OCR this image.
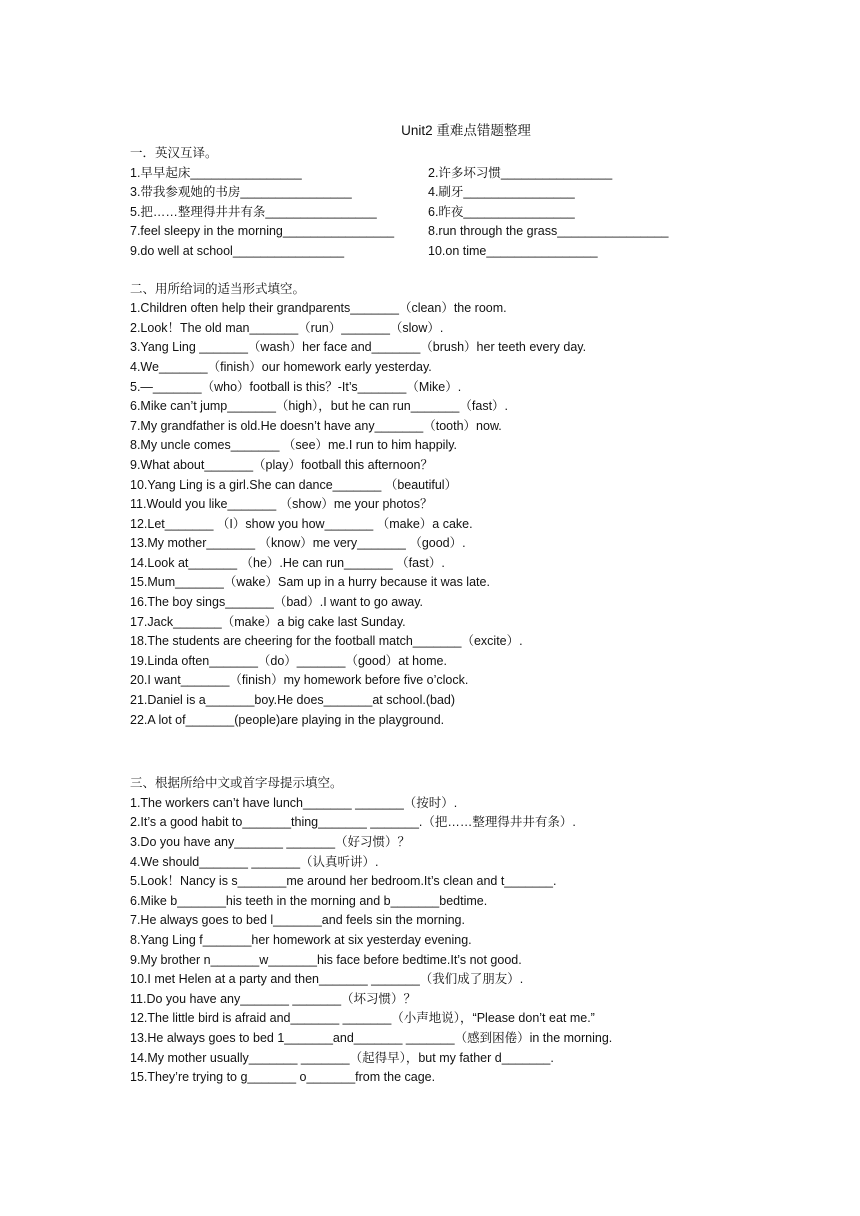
Unit2 重难点错题整理
一．英汉互译。
1.早早起床________________	2.许多坏习惯________________
3.带我参观她的书房________________	4.刷牙________________
5.把……整理得井井有条________________	6.昨夜________________
7.feel sleepy in the morning________________	8.run through the grass________________
9.do well at school________________	10.on time________________
二、用所给词的适当形式填空。
1.Children often help their grandparents_______（clean）the room.
2.Look！The old man_______（run）_______（slow）.
3.Yang Ling _______（wash）her face and_______（brush）her teeth every day.
4.We_______（finish）our homework early yesterday.
5.—_______（who）football is this？-It’s_______（Mike）.
6.Mike can’t jump_______（high），but he can run_______（fast）.
7.My grandfather is old.He doesn’t have any_______（tooth）now.
8.My uncle comes_______ （see）me.I run to him happily.
9.What about_______（play）football this afternoon？
10.Yang Ling is a girl.She can dance_______ （beautiful）
11.Would you like_______ （show）me your photos？
12.Let_______ （I）show you how_______ （make）a cake.
13.My mother_______ （know）me very_______ （good）.
14.Look at_______ （he）.He can run_______ （fast）.
15.Mum_______（wake）Sam up in a hurry because it was late.
16.The boy sings_______（bad）.I want to go away.
17.Jack_______（make）a big cake last Sunday.
18.The students are cheering for the football match_______（excite）.
19.Linda often_______（do）_______（good）at home.
20.I want_______（finish）my homework before five o’clock.
21.Daniel is a_______boy.He does_______at school.(bad)
22.A lot of_______(people)are playing in the playground.
三、根据所给中文或首字母提示填空。
1.The workers can’t have lunch_______ _______（按时）.
2.It’s a good habit to_______thing_______ _______.（把……整理得井井有条）.
3.Do you have any_______ _______（好习惯）？
4.We should_______ _______（认真听讲）.
5.Look！Nancy is s_______me around her bedroom.It’s clean and t_______.
6.Mike b_______his teeth in the morning and b_______bedtime.
7.He always goes to bed l_______and feels sin the morning.
8.Yang Ling f_______her homework at six yesterday evening.
9.My brother n_______w_______his face before bedtime.It’s not good.
10.I met Helen at a party and then_______ _______（我们成了朋友）.
11.Do you have any_______ _______（坏习惯）？
12.The little bird is afraid and_______ _______（小声地说），“Please don’t eat me.”
13.He always goes to bed 1_______and_______ _______（感到困倦）in the morning.
14.My mother usually_______ _______（起得早），but my father d_______.
15.They’re trying to g_______ o_______from the cage.
